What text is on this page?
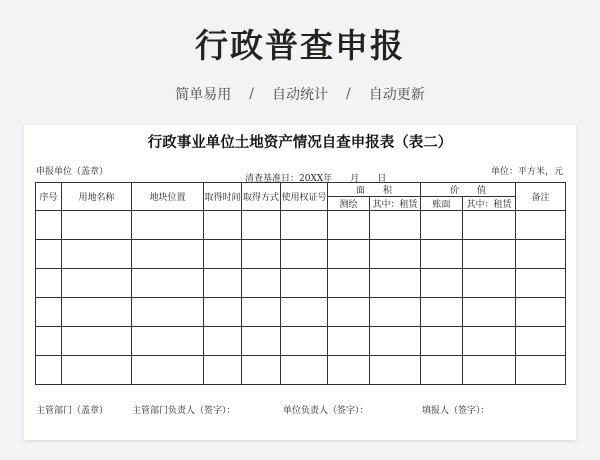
行政普查申报
简单易用 / 自动统计 / 自动更新
行政事业单位土地资产情况自查申报表（表二）
申报单位（盖章）
清查基准日：20XX年　　月　　日
单位：平方米，元
序号	用地名称	地块位置	取得时间	取得方式	使用权证号	面　　积		价　　值		备注
						测绘	其中：租赁	账面	其中：租赁	

主管部门（盖章）	主管部门负责人（签字）：	单位负责人（签字）：	填报人（签字）：
